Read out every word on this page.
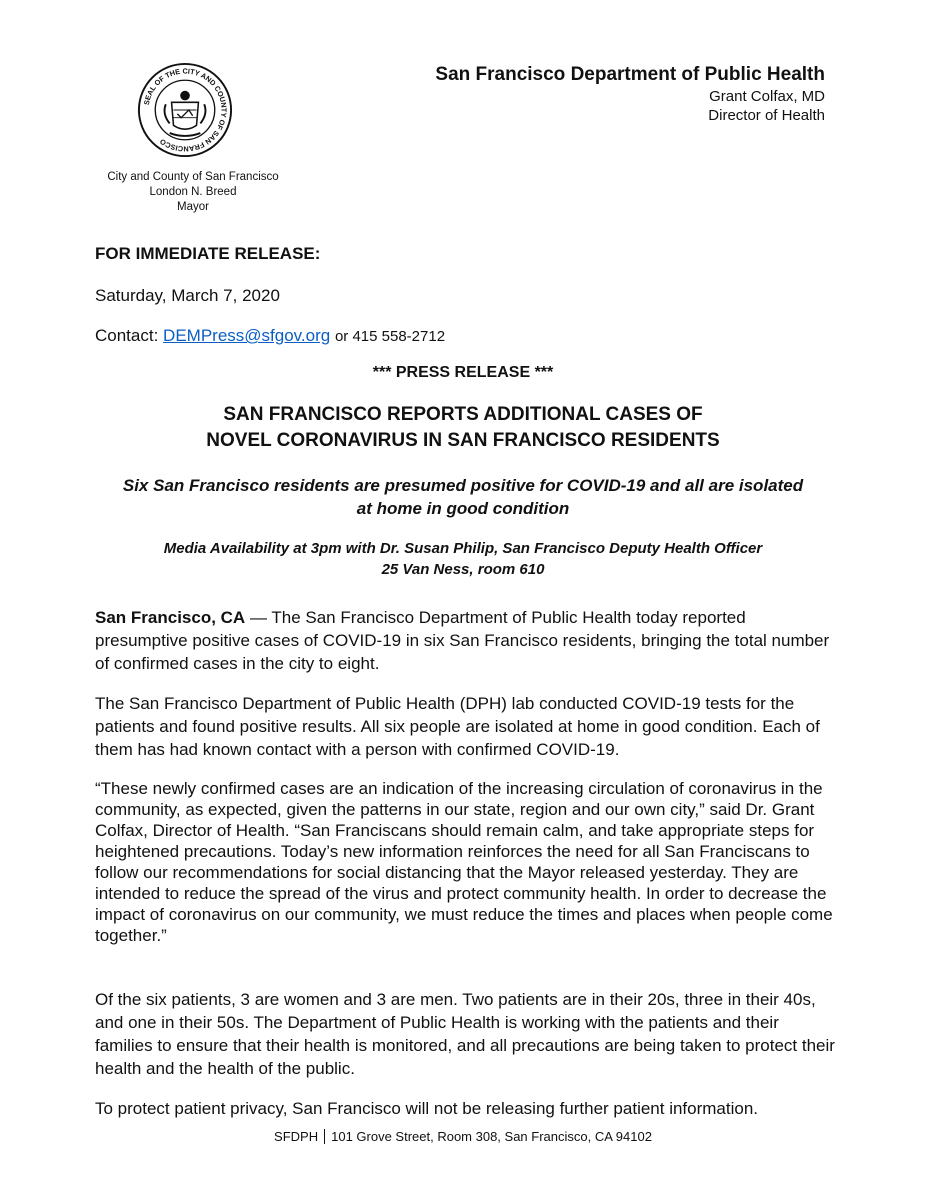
SEAL OF THE CITY AND COUNTY OF SAN FRANCISCO
City and County of San Francisco
London N. Breed
Mayor
San Francisco Department of Public Health
Grant Colfax, MD
Director of Health
FOR IMMEDIATE RELEASE:
Saturday, March 7, 2020
Contact: DEMPress@sfgov.org or 415 558-2712
*** PRESS RELEASE ***
SAN FRANCISCO REPORTS ADDITIONAL CASES OF
NOVEL CORONAVIRUS IN SAN FRANCISCO RESIDENTS
Six San Francisco residents are presumed positive for COVID-19 and all are isolated
at home in good condition
Media Availability at 3pm with Dr. Susan Philip, San Francisco Deputy Health Officer
25 Van Ness, room 610

San Francisco, CA — The San Francisco Department of Public Health today reported presumptive positive cases of COVID-19 in six San Francisco residents, bringing the total number of confirmed cases in the city to eight.

The San Francisco Department of Public Health (DPH) lab conducted COVID-19 tests for the patients and found positive results. All six people are isolated at home in good condition. Each of them has had known contact with a person with confirmed COVID-19.

“These newly confirmed cases are an indication of the increasing circulation of coronavirus in the community, as expected, given the patterns in our state, region and our own city,” said Dr. Grant Colfax, Director of Health. “San Franciscans should remain calm, and take appropriate steps for heightened precautions. Today’s new information reinforces the need for all San Franciscans to follow our recommendations for social distancing that the Mayor released yesterday. They are intended to reduce the spread of the virus and protect community health. In order to decrease the impact of coronavirus on our community, we must reduce the times and places when people come together.”

Of the six patients, 3 are women and 3 are men. Two patients are in their 20s, three in their 40s, and one in their 50s. The Department of Public Health is working with the patients and their families to ensure that their health is monitored, and all precautions are being taken to protect their health and the health of the public.

To protect patient privacy, San Francisco will not be releasing further patient information.

SFDPH 101 Grove Street, Room 308, San Francisco, CA 94102
